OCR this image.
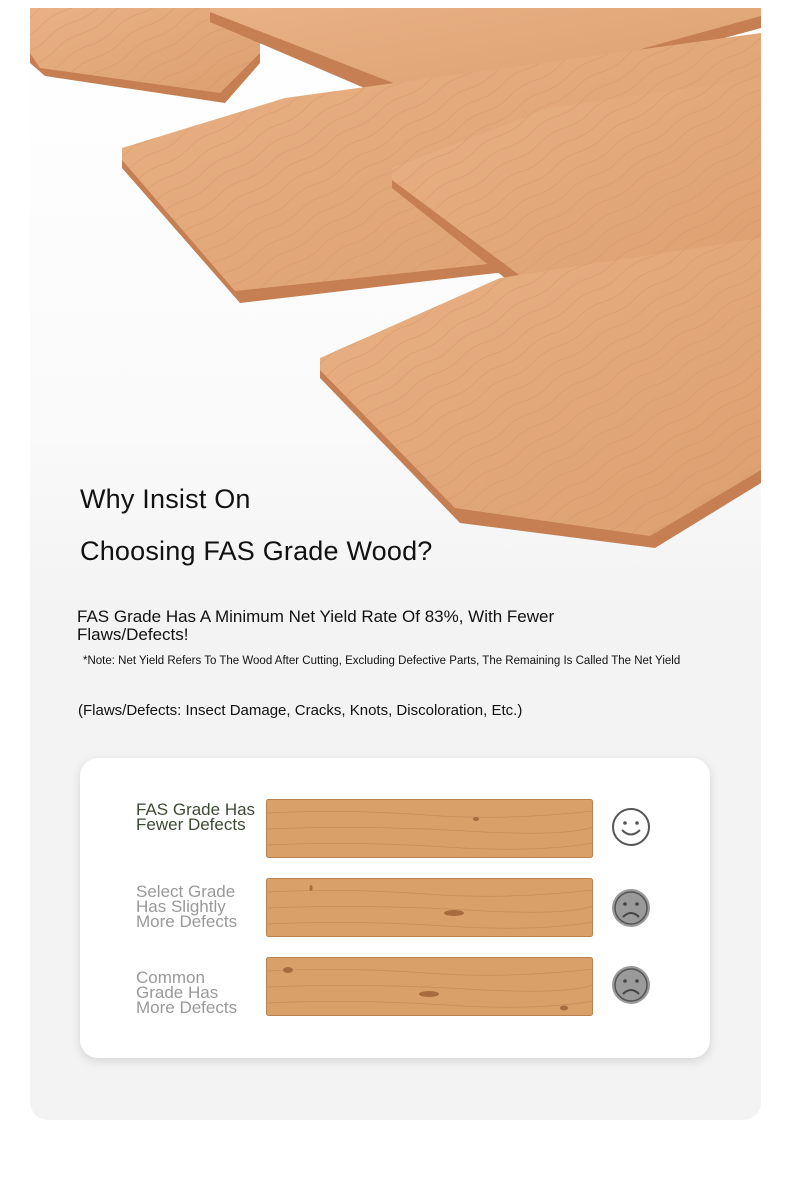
Why Insist On
Choosing FAS Grade Wood?

FAS Grade Has A Minimum Net Yield Rate Of 83%, With Fewer Flaws/Defects!

*Note: Net Yield Refers To The Wood After Cutting, Excluding Defective Parts, The Remaining Is Called The Net Yield

(Flaws/Defects: Insect Damage, Cracks, Knots, Discoloration, Etc.)

FAS Grade Has Fewer Defects

Select Grade Has Slightly More Defects

Common Grade Has More Defects
